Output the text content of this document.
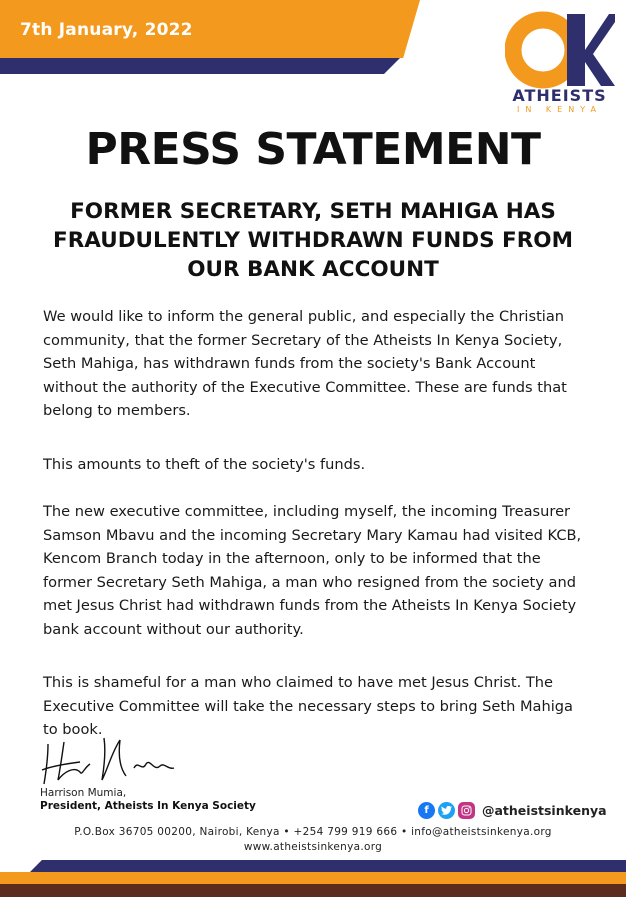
7th January, 2022
ATHEISTS
IN KENYA
PRESS STATEMENT
FORMER SECRETARY, SETH MAHIGA HAS FRAUDULENTLY WITHDRAWN FUNDS FROM OUR BANK ACCOUNT

We would like to inform the general public, and especially the Christian community, that the former Secretary of the Atheists In Kenya Society, Seth Mahiga, has withdrawn funds from the society's Bank Account without the authority of the Executive Committee. These are funds that belong to members.

This amounts to theft of the society's funds.

The new executive committee, including myself, the incoming Treasurer Samson Mbavu and the incoming Secretary Mary Kamau had visited KCB, Kencom Branch today in the afternoon, only to be informed that the former Secretary Seth Mahiga, a man who resigned from the society and met Jesus Christ had withdrawn funds from the Atheists In Kenya Society bank account without our authority.

This is shameful for a man who claimed to have met Jesus Christ. The Executive Committee will take the necessary steps to bring Seth Mahiga to book.

Harrison Mumia,
President, Atheists In Kenya Society	f	@atheistsinkenya
P.O.Box 36705 00200, Nairobi, Kenya • +254 799 919 666 • info@atheistsinkenya.org
www.atheistsinkenya.org
